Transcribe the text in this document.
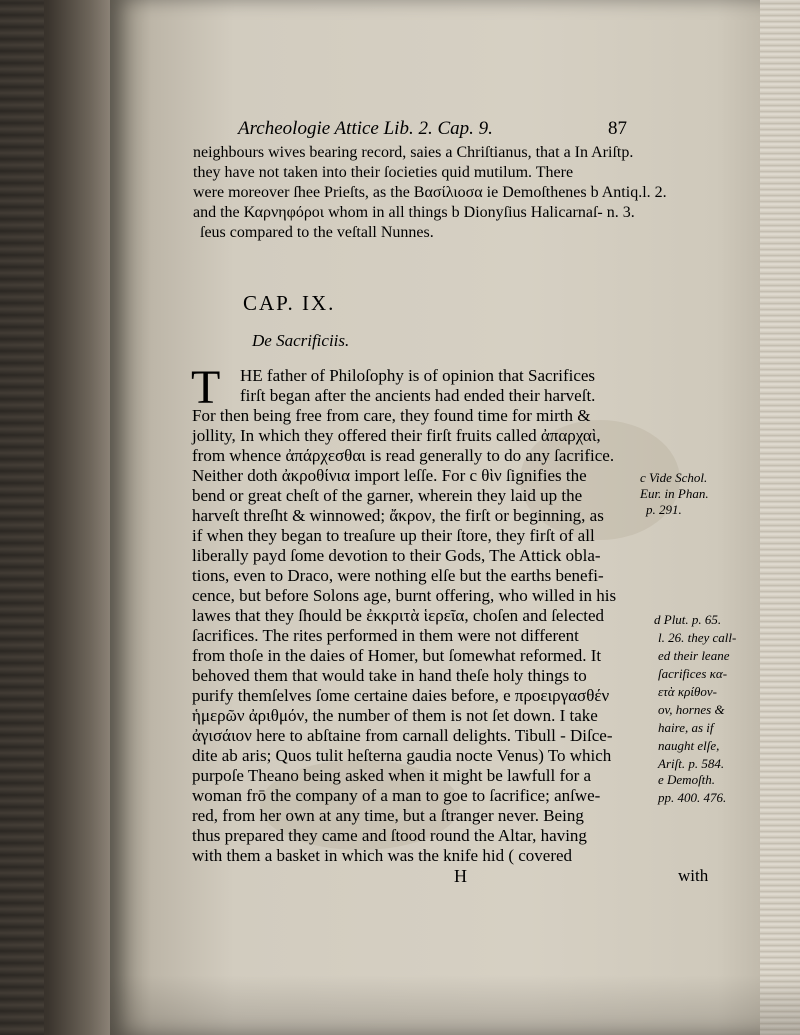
Archeologie Attice Lib. 2. Cap. 9.	87
neighbours wives bearing record, saies a Chriſtianus, that a In Ariſtp.
they have not taken into their ſocieties quid mutilum. There
were moreover ſhee Prieſts, as the Βασίλιοσα ie Demoſthenes b Antiq.l. 2.
and the Καρνηφόροι whom in all things b Dionyſius Halicarnaſ- n. 3.
ſeus compared to the veſtall Nunnes.
CAP. IX.
De Sacrificiis.
T HE father of Philoſophy is of opinion that Sacrifices
firſt began after the ancients had ended their harveſt.
For then being free from care, they found time for mirth &
jollity, In which they offered their firſt fruits called ἀπαρχαὶ,
from whence ἀπάρχεσθαι is read generally to do any ſacrifice.
Neither doth ἀκροθίνια import leſſe. For c θὶν ſignifies the
bend or great cheſt of the garner, wherein they laid up the
harveſt threſht & winnowed; ἄκρον, the firſt or beginning, as
if when they began to treaſure up their ſtore, they firſt of all
liberally payd ſome devotion to their Gods, The Attick obla-
tions, even to Draco, were nothing elſe but the earths benefi-
cence, but before Solons age, burnt offering, who willed in his
lawes that they ſhould be ἐκκριτὰ ἱερεῖα, choſen and ſelected
ſacrifices. The rites performed in them were not different
from thoſe in the daies of Homer, but ſomewhat reformed. It
behoved them that would take in hand theſe holy things to
purify themſelves ſome certaine daies before, e προειργασθέν
ἡμερῶν ἀριθμόν, the number of them is not ſet down. I take
ἀγισάιον here to abſtaine from carnall delights. Tibull - Diſce-
dite ab aris; Quos tulit heſterna gaudia nocte Venus) To which
purpoſe Theano being asked when it might be lawfull for a
woman frō the company of a man to goe to ſacrifice; anſwe-
red, from her own at any time, but a ſtranger never. Being
thus prepared they came and ſtood round the Altar, having
with them a basket in which was the knife hid ( covered
c Vide Schol.
Eur. in Phan.
p. 291.
d Plut. p. 65.
l. 26. they call-
ed their leane
ſacrifices κα-
ετὰ κρίθον-
ov, hornes &
haire, as if
naught elſe,
Ariſt. p. 584.
e Demoſth.
pp. 400. 476.
H	with
